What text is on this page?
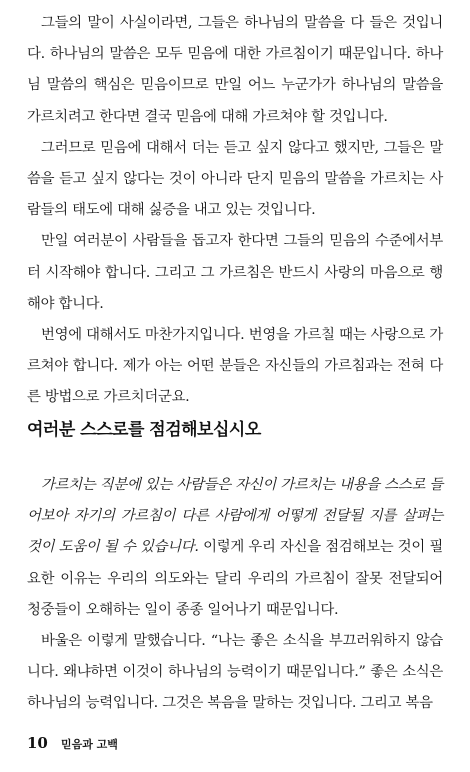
그들의 말이 사실이라면, 그들은 하나님의 말씀을 다 들은 것입니다. 하나님의 말씀은 모두 믿음에 대한 가르침이기 때문입니다. 하나님 말씀의 핵심은 믿음이므로 만일 어느 누군가가 하나님의 말씀을 가르치려고 한다면 결국 믿음에 대해 가르쳐야 할 것입니다.

그러므로 믿음에 대해서 더는 듣고 싶지 않다고 했지만, 그들은 말씀을 듣고 싶지 않다는 것이 아니라 단지 믿음의 말씀을 가르치는 사람들의 태도에 대해 싫증을 내고 있는 것입니다.

만일 여러분이 사람들을 돕고자 한다면 그들의 믿음의 수준에서부터 시작해야 합니다. 그리고 그 가르침은 반드시 사랑의 마음으로 행해야 합니다.

번영에 대해서도 마찬가지입니다. 번영을 가르칠 때는 사랑으로 가르쳐야 합니다. 제가 아는 어떤 분들은 자신들의 가르침과는 전혀 다른 방법으로 가르치더군요.

여러분 스스로를 점검해보십시오

가르치는 직분에 있는 사람들은 자신이 가르치는 내용을 스스로 들어보아 자기의 가르침이 다른 사람에게 어떻게 전달될 지를 살펴는 것이 도움이 될 수 있습니다. 이렇게 우리 자신을 점검해보는 것이 필요한 이유는 우리의 의도와는 달리 우리의 가르침이 잘못 전달되어 청중들이 오해하는 일이 종종 일어나기 때문입니다.

바울은 이렇게 말했습니다. “나는 좋은 소식을 부끄러워하지 않습니다. 왜냐하면 이것이 하나님의 능력이기 때문입니다.” 좋은 소식은 하나님의 능력입니다. 그것은 복음을 말하는 것입니다. 그리고 복음

10 믿음과 고백
